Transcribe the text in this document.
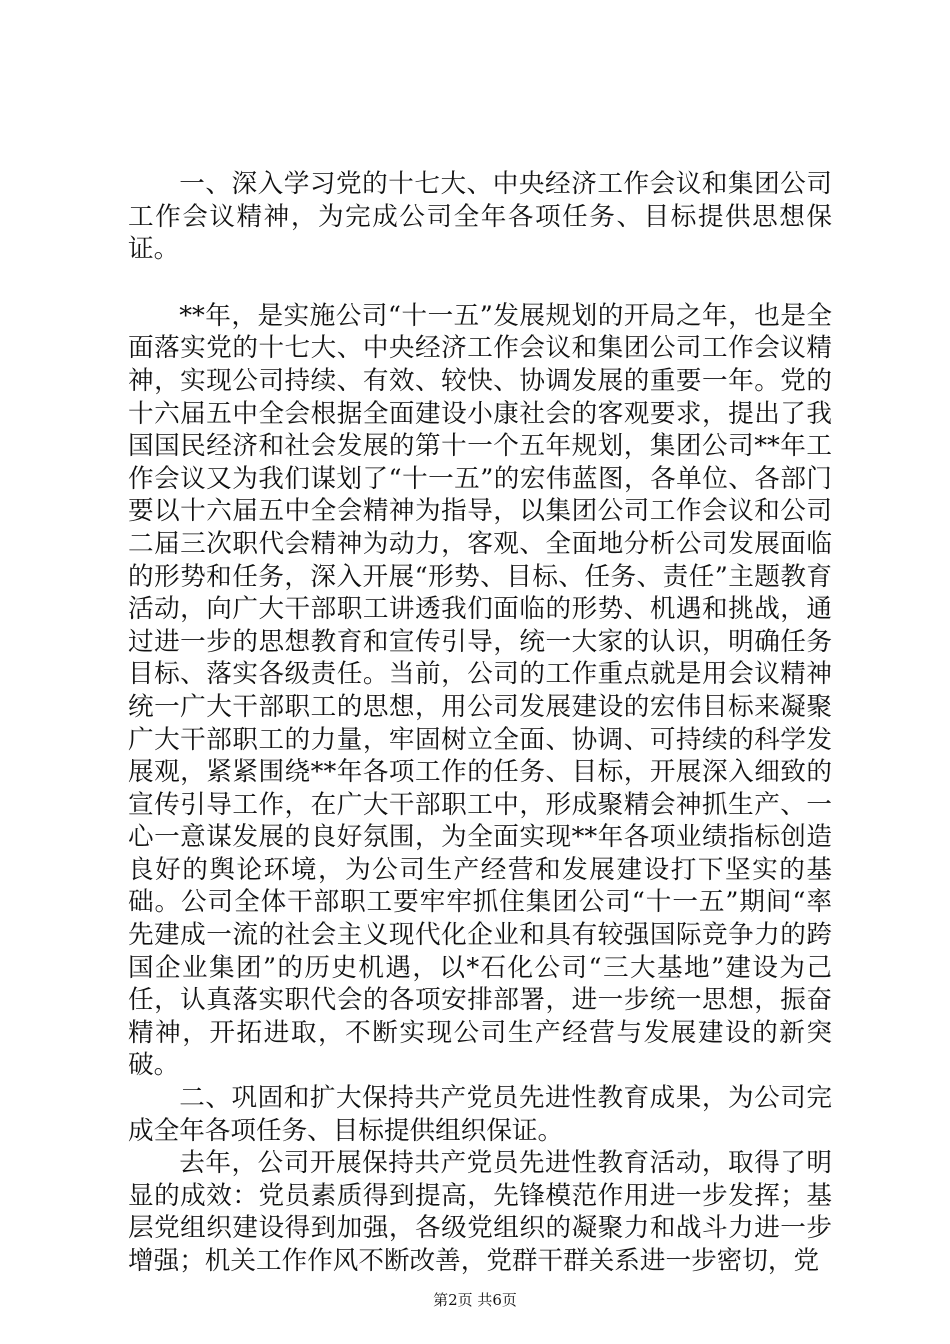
一、深入学习党的十七大、中央经济工作会议和集团公司工作会议精神，为完成公司全年各项任务、目标提供思想保证。

**年，是实施公司“十一五”发展规划的开局之年，也是全面落实党的十七大、中央经济工作会议和集团公司工作会议精神，实现公司持续、有效、较快、协调发展的重要一年。党的十六届五中全会根据全面建设小康社会的客观要求，提出了我国国民经济和社会发展的第十一个五年规划，集团公司**年工作会议又为我们谋划了“十一五”的宏伟蓝图，各单位、各部门要以十六届五中全会精神为指导，以集团公司工作会议和公司二届三次职代会精神为动力，客观、全面地分析公司发展面临的形势和任务，深入开展“形势、目标、任务、责任”主题教育活动，向广大干部职工讲透我们面临的形势、机遇和挑战，通过进一步的思想教育和宣传引导，统一大家的认识，明确任务目标、落实各级责任。当前，公司的工作重点就是用会议精神统一广大干部职工的思想，用公司发展建设的宏伟目标来凝聚广大干部职工的力量，牢固树立全面、协调、可持续的科学发展观，紧紧围绕**年各项工作的任务、目标，开展深入细致的宣传引导工作，在广大干部职工中，形成聚精会神抓生产、一心一意谋发展的良好氛围，为全面实现**年各项业绩指标创造良好的舆论环境，为公司生产经营和发展建设打下坚实的基础。公司全体干部职工要牢牢抓住集团公司“十一五”期间“率先建成一流的社会主义现代化企业和具有较强国际竞争力的跨国企业集团”的历史机遇，以*石化公司“三大基地”建设为己任，认真落实职代会的各项安排部署，进一步统一思想，振奋精神，开拓进取，不断实现公司生产经营与发展建设的新突破。

二、巩固和扩大保持共产党员先进性教育成果，为公司完成全年各项任务、目标提供组织保证。

去年，公司开展保持共产党员先进性教育活动，取得了明显的成效：党员素质得到提高，先锋模范作用进一步发挥；基层党组织建设得到加强，各级党组织的凝聚力和战斗力进一步增强；机关工作作风不断改善，党群干群关系进一步密切，党

第2页 共6页
